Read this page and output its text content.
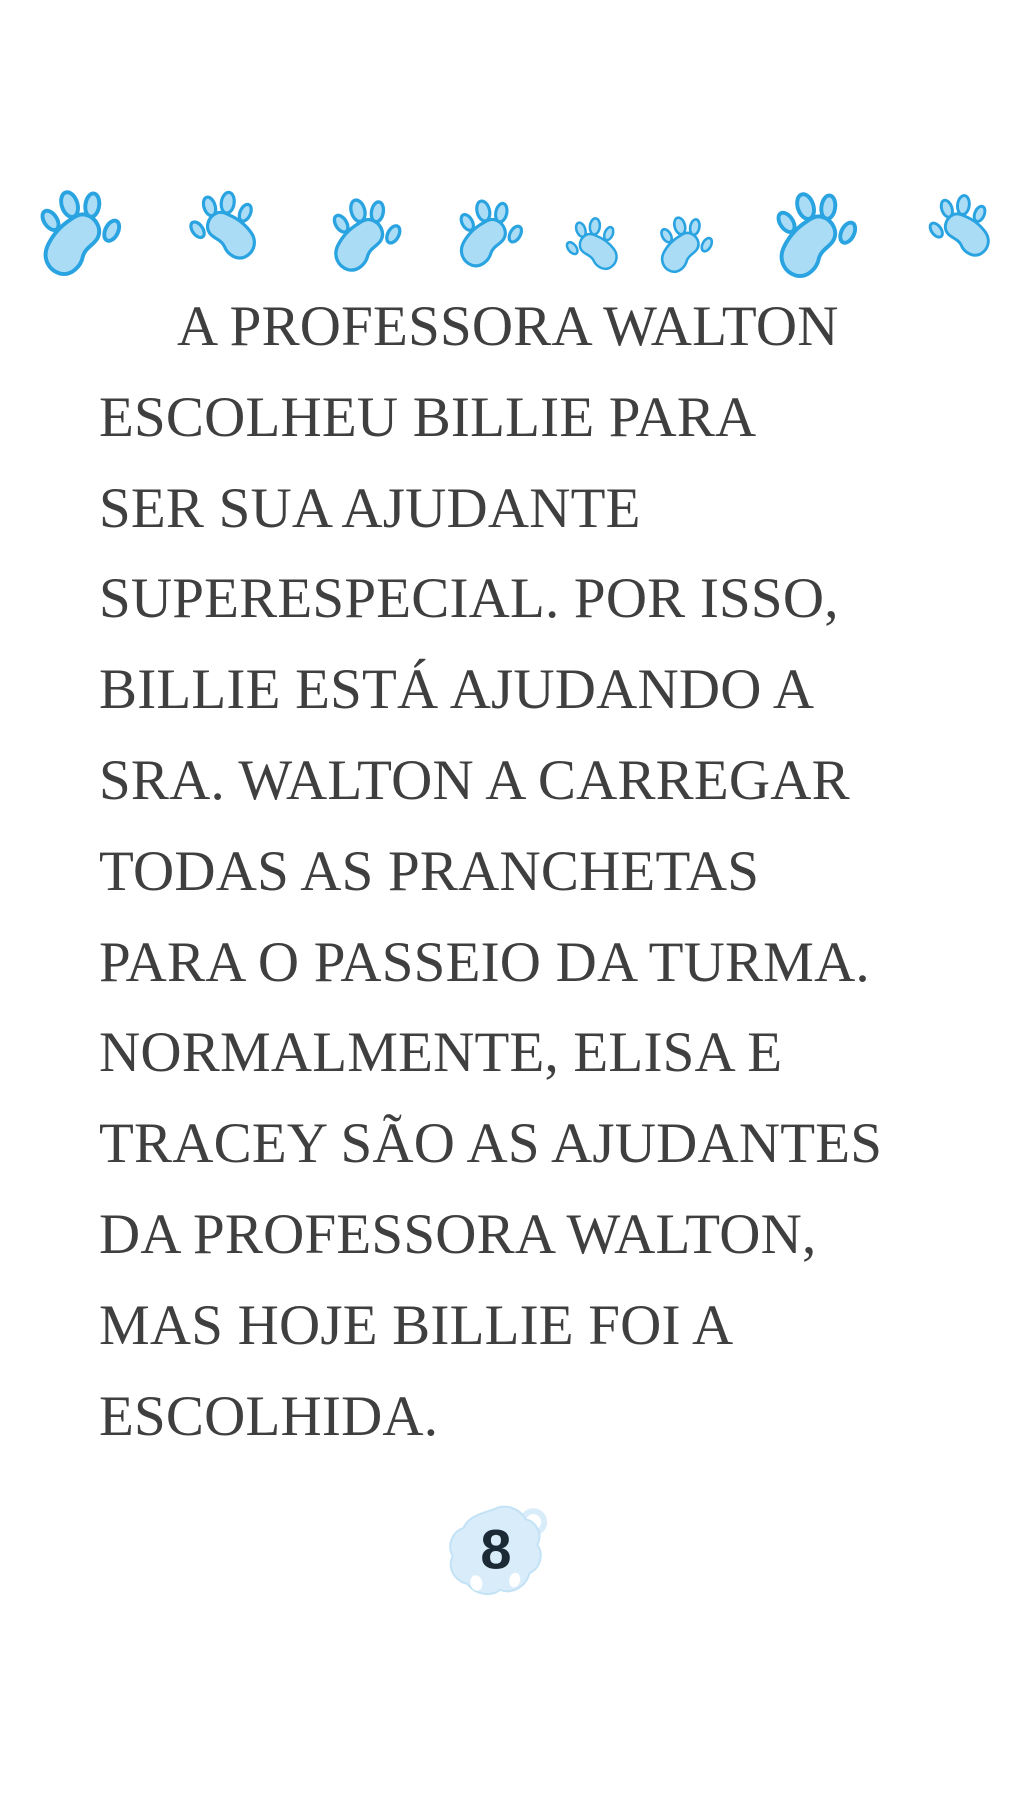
A PROFESSORA WALTON
ESCOLHEU BILLIE PARA
SER SUA AJUDANTE
SUPERESPECIAL. POR ISSO,
BILLIE ESTÁ AJUDANDO A
SRA. WALTON A CARREGAR
TODAS AS PRANCHETAS
PARA O PASSEIO DA TURMA.
NORMALMENTE, ELISA E
TRACEY SÃO AS AJUDANTES
DA PROFESSORA WALTON,
MAS HOJE BILLIE FOI A
ESCOLHIDA.
8
